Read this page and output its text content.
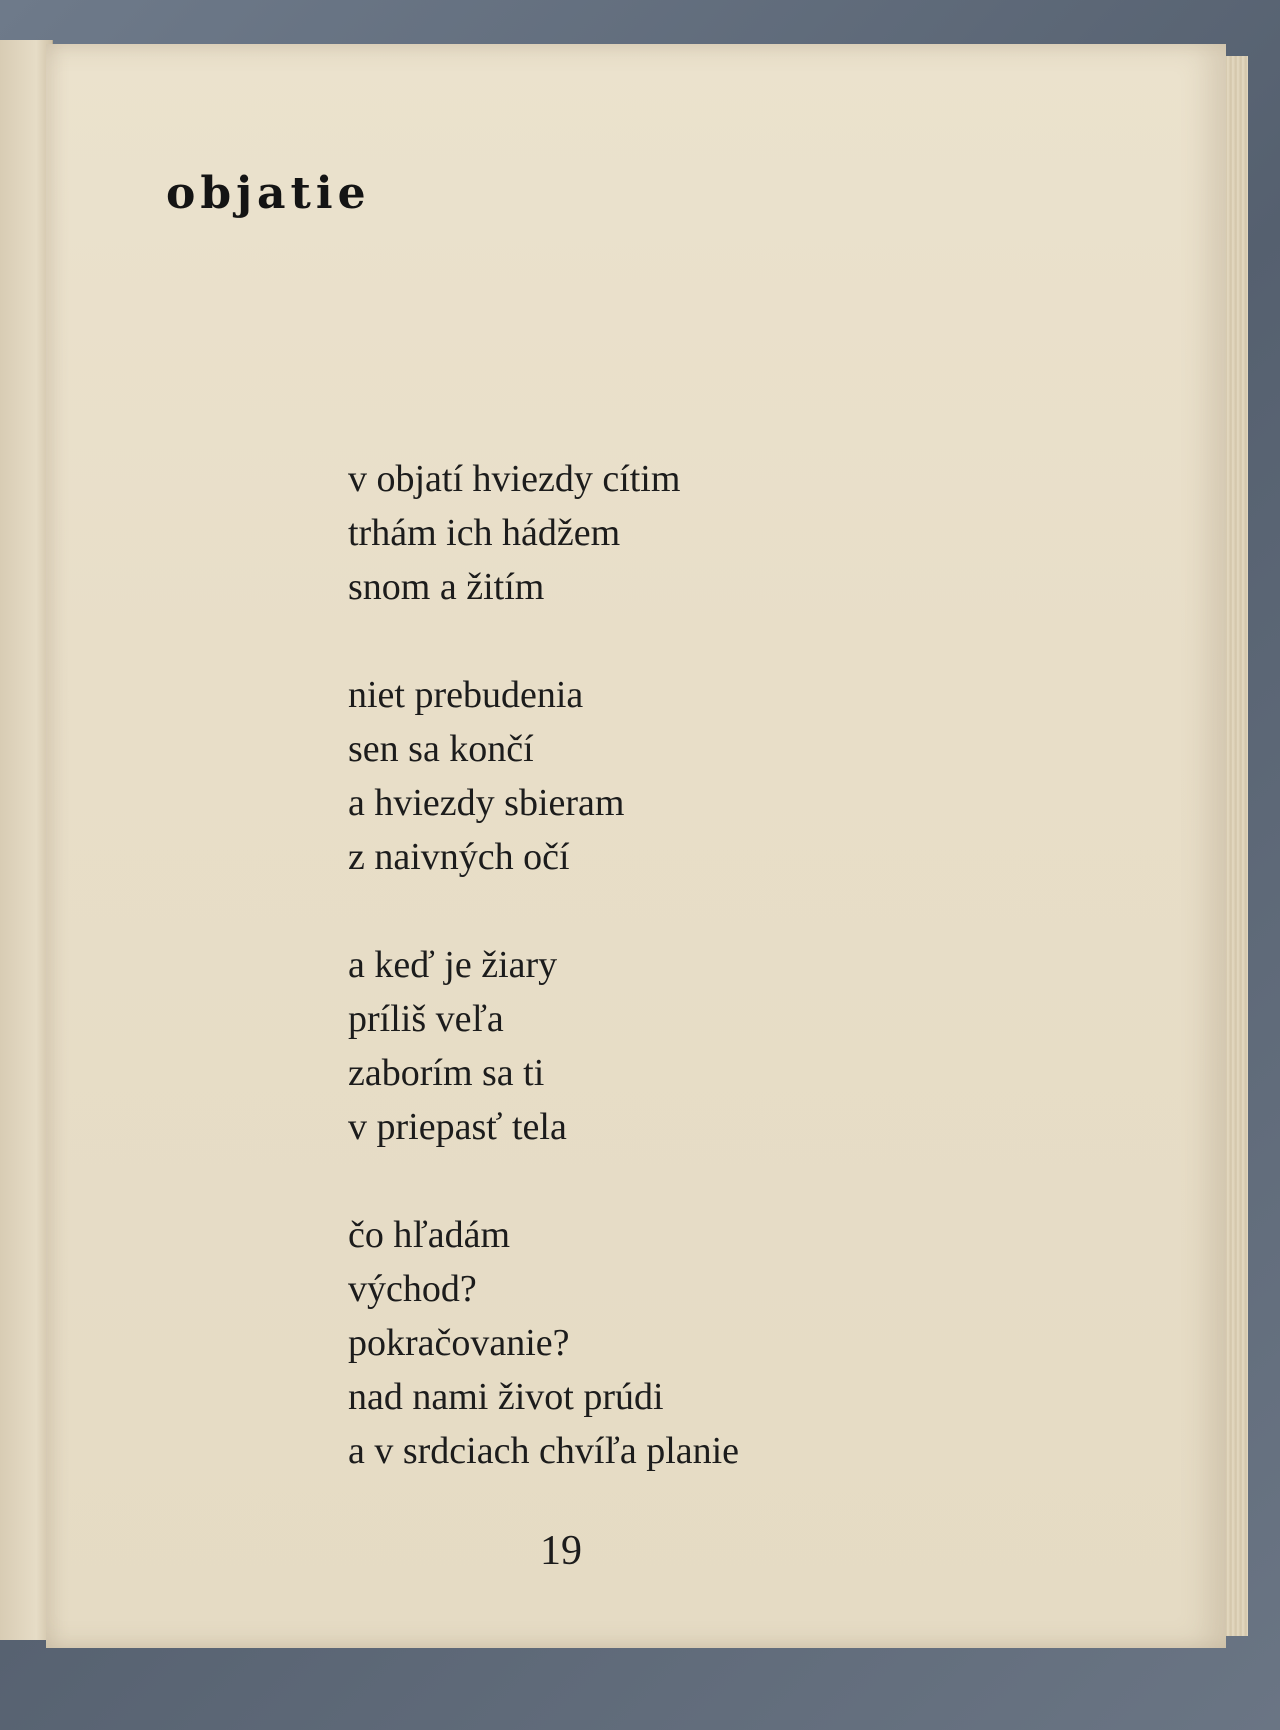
objatie
v objatí hviezdy cítim
trhám ich hádžem
snom a žitím
niet prebudenia
sen sa končí
a hviezdy sbieram
z naivných očí
a keď je žiary
príliš veľa
zaborím sa ti
v priepasť tela
čo hľadám
východ?
pokračovanie?
nad nami život prúdi
a v srdciach chvíľa planie
19
